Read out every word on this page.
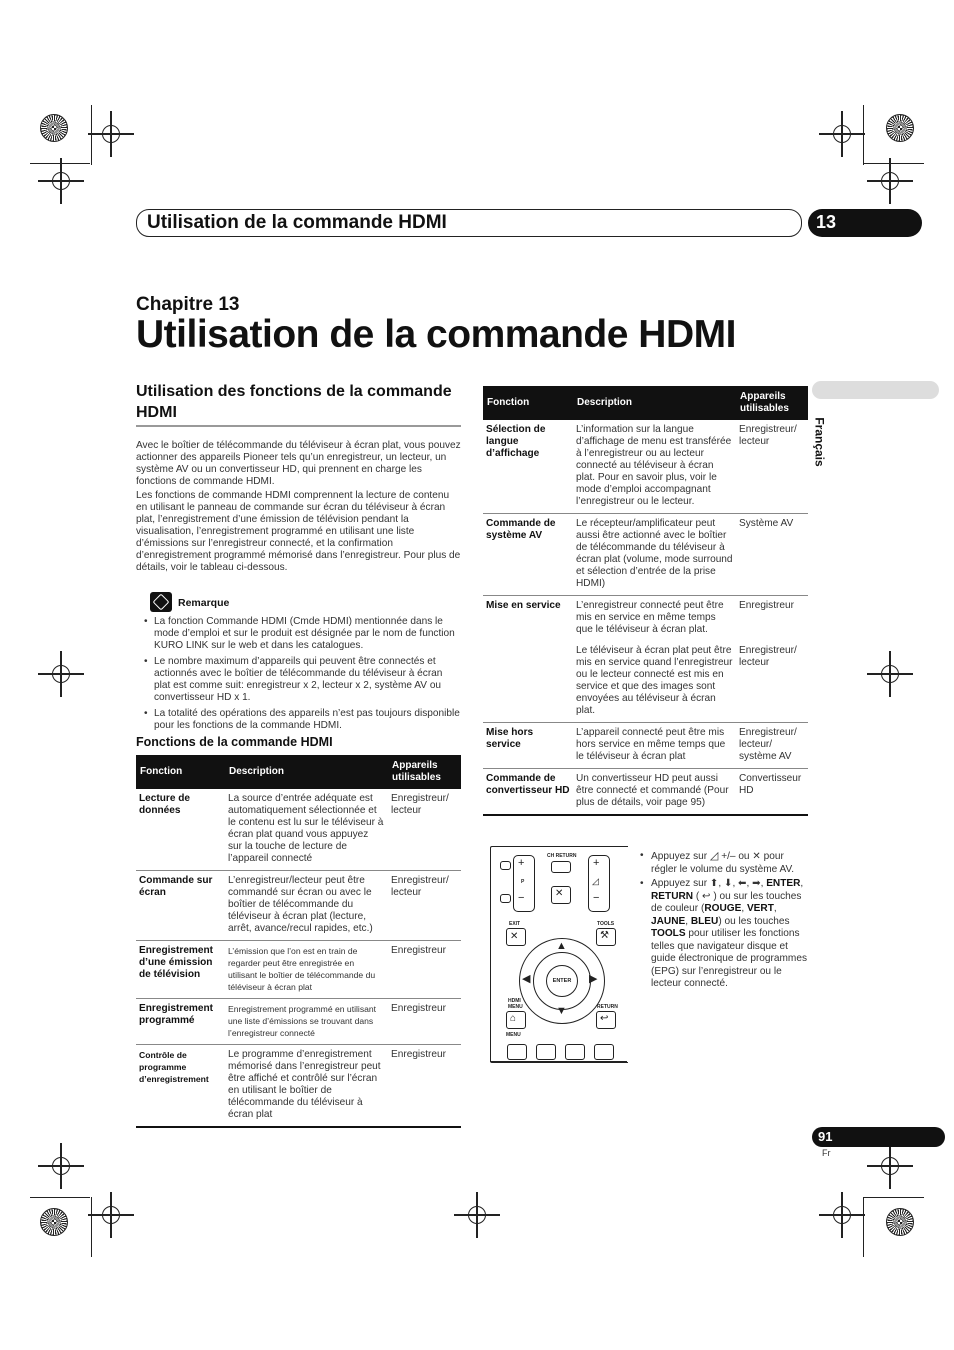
Utilisation de la commande HDMI	13
Chapitre 13
Utilisation de la commande HDMI
Français
Utilisation des fonctions de la commande HDMI
Avec le boîtier de télécommande du téléviseur à écran plat, vous pouvez actionner des appareils Pioneer tels qu’un enregistreur, un lecteur, un système AV ou un convertisseur HD, qui prennent en charge les fonctions de commande HDMI.
Les fonctions de commande HDMI comprennent la lecture de contenu en utilisant le panneau de commande sur écran du téléviseur à écran plat, l’enregistrement d’une émission de télévision pendant la visualisation, l’enregistrement programmé en utilisant une liste d’émissions sur l’enregistreur connecté, et la confirmation d’enregistrement programmé mémorisé dans l’enregistreur. Pour plus de détails, voir le tableau ci-dessous.
Remarque
• La fonction Commande HDMI (Cmde HDMI) mentionnée dans le mode d’emploi et sur le produit est désignée par le nom de function KURO LINK sur le web et dans les catalogues.
• Le nombre maximum d’appareils qui peuvent être connectés et actionnés avec le boîtier de télécommande du téléviseur à écran plat est comme suit: enregistreur x 2, lecteur x 2, système AV ou convertisseur HD x 1.
• La totalité des opérations des appareils n’est pas toujours disponible pour les fonctions de la commande HDMI.
Fonctions de la commande HDMI
Fonction	Description	Appareils utilisables
Lecture de données	La source d’entrée adéquate est automatiquement sélectionnée et le contenu est lu sur le téléviseur à écran plat quand vous appuyez sur la touche de lecture de l’appareil connecté	Enregistreur/ lecteur
Commande sur écran	L’enregistreur/lecteur peut être commandé sur écran ou avec le boîtier de télécommande du téléviseur à écran plat (lecture, arrêt, avance/recul rapides, etc.)	Enregistreur/ lecteur
Enregistrement d’une émission de télévision	L’émission que l’on est en train de regarder peut être enregistrée en utilisant le boîtier de télécommande du téléviseur à écran plat	Enregistreur
Enregistrement programmé	Enregistrement programmé en utilisant une liste d’émissions se trouvant dans l’enregistreur connecté	Enregistreur
Contrôle de programme d’enregistrement	Le programme d’enregistrement mémorisé dans l’enregistreur peut être affiché et contrôlé sur l’écran en utilisant le boîtier de télécommande du téléviseur à écran plat	Enregistreur
Fonction	Description	Appareils utilisables
Sélection de langue d’affichage	L’information sur la langue d’affichage de menu est transférée à l’enregistreur ou au lecteur connecté au téléviseur à écran plat. Pour en savoir plus, voir le mode d’emploi accompagnant l’enregistreur ou le lecteur.	Enregistreur/ lecteur
Commande de système AV	Le récepteur/amplificateur peut aussi être actionné avec le boîtier de télécommande du téléviseur à écran plat (volume, mode surround et sélection d’entrée de la prise HDMI)	Système AV
Mise en service	L’enregistreur connecté peut être mis en service en même temps que le téléviseur à écran plat.	Enregistreur
	Le téléviseur à écran plat peut être mis en service quand l’enregistreur ou le lecteur connecté est mis en service et que des images sont envoyées au téléviseur à écran plat.	Enregistreur/ lecteur
Mise hors service	L’appareil connecté peut être mis hors service en même temps que le téléviseur à écran plat	Enregistreur/ lecteur/ système AV
Commande de convertisseur HD	Un convertisseur HD peut aussi être connecté et commandé (Pour plus de détails, voir page 95)	Convertisseur HD
+
P
−
CH RETURN
✕
+
◿
−
EXIT
✕
TOOLS
⚒
ENTER
▲
▼
◀	▶
HDMI
MENU
⌂
MENU
RETURN
↩
• Appuyez sur ◿ +/– ou ✕ pour régler le volume du système AV.
• Appuyez sur ⬆, ⬇, ⬅, ➡, ENTER, RETURN ( ↩ ) ou sur les touches de couleur (ROUGE, VERT, JAUNE, BLEU) ou les touches TOOLS pour utiliser les fonctions telles que navigateur disque et guide électronique de programmes (EPG) sur l’enregistreur ou le lecteur connecté.
91
Fr
